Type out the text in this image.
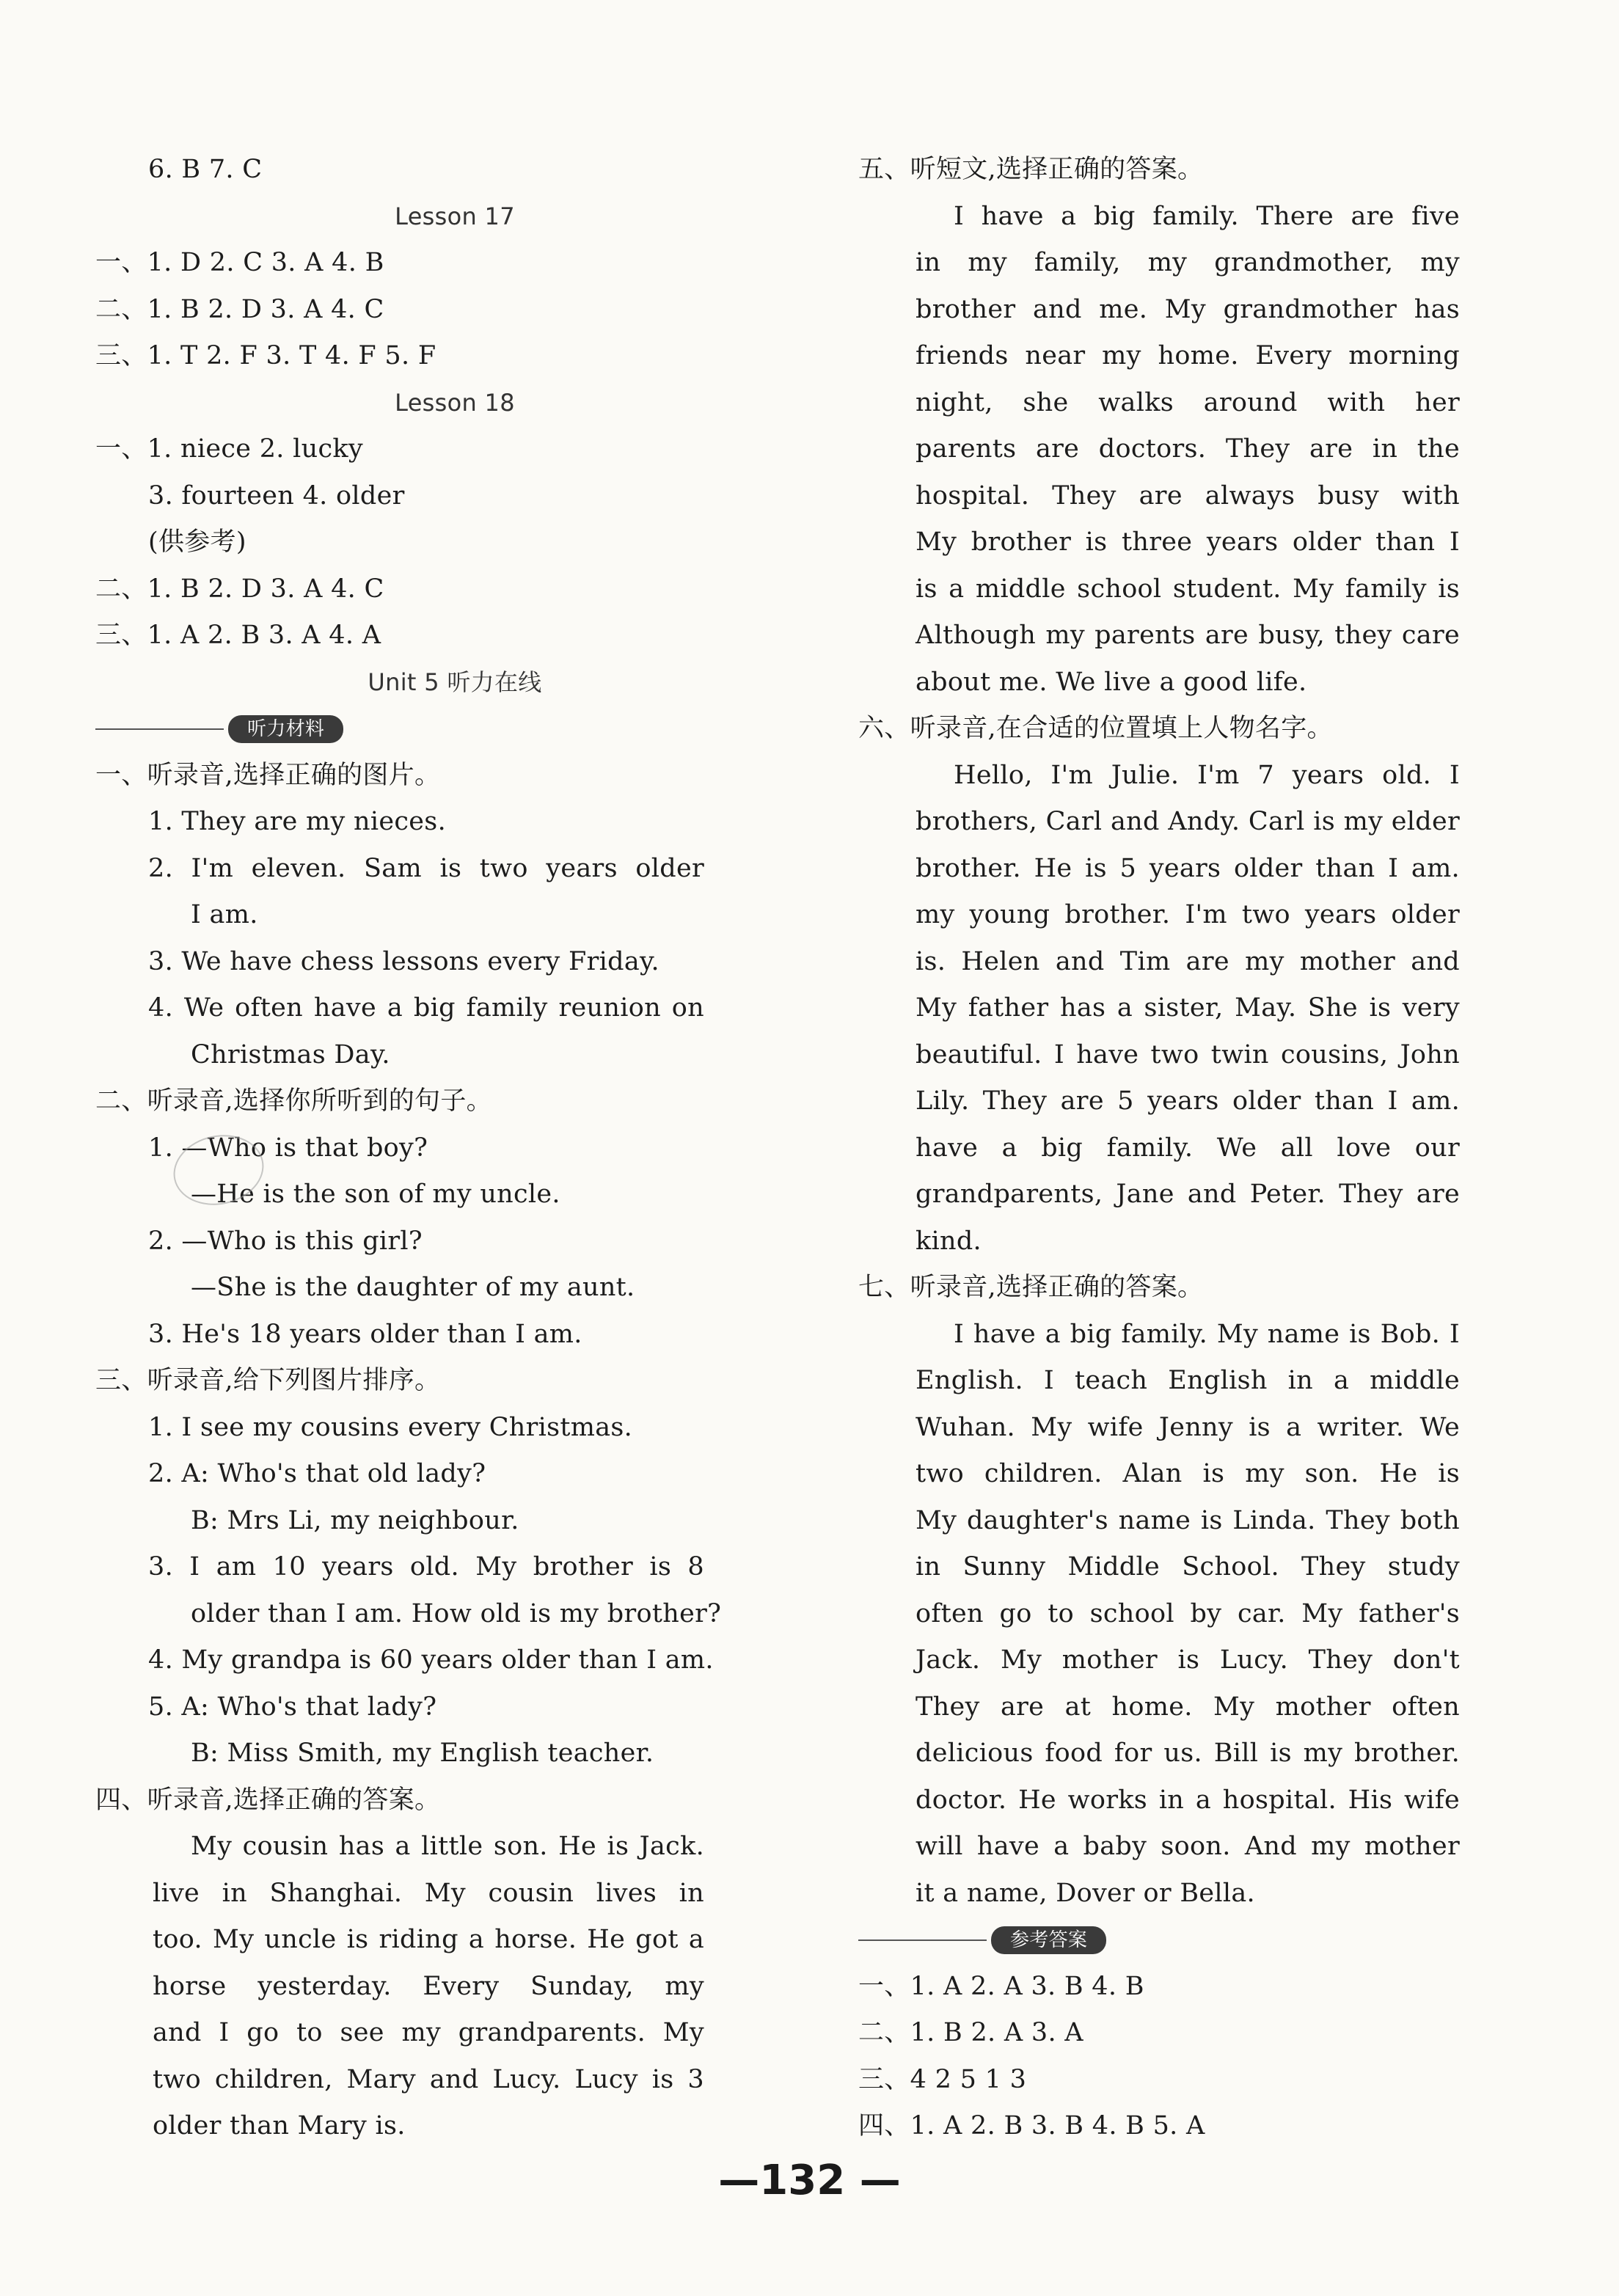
6. B 7. C
Lesson 17
一、1. D 2. C 3. A 4. B
二、1. B 2. D 3. A 4. C
三、1. T 2. F 3. T 4. F 5. F
Lesson 18
一、1. niece 2. lucky
3. fourteen 4. older
(供参考)
二、1. B 2. D 3. A 4. C
三、1. A 2. B 3. A 4. A
Unit 5 听力在线
听力材料
一、听录音,选择正确的图片。
1. They are my nieces.
2. I'm eleven. Sam is two years older
I am.
3. We have chess lessons every Friday.
4. We often have a big family reunion on
Christmas Day.
二、听录音,选择你所听到的句子。
1. —Who is that boy?
—He is the son of my uncle.
2. —Who is this girl?
—She is the daughter of my aunt.
3. He's 18 years older than I am.
三、听录音,给下列图片排序。
1. I see my cousins every Christmas.
2. A: Who's that old lady?
B: Mrs Li, my neighbour.
3. I am 10 years old. My brother is 8
older than I am. How old is my brother?
4. My grandpa is 60 years older than I am.
5. A: Who's that lady?
B: Miss Smith, my English teacher.
四、听录音,选择正确的答案。
My cousin has a little son. He is Jack.
live in Shanghai. My cousin lives in
too. My uncle is riding a horse. He got a
horse yesterday. Every Sunday, my
and I go to see my grandparents. My
two children, Mary and Lucy. Lucy is 3
older than Mary is.
五、听短文,选择正确的答案。
I have a big family. There are five
in my family, my grandmother, my
brother and me. My grandmother has
friends near my home. Every morning
night, she walks around with her
parents are doctors. They are in the
hospital. They are always busy with
My brother is three years older than I
is a middle school student. My family is
Although my parents are busy, they care
about me. We live a good life.
六、听录音,在合适的位置填上人物名字。
Hello, I'm Julie. I'm 7 years old. I
brothers, Carl and Andy. Carl is my elder
brother. He is 5 years older than I am.
my young brother. I'm two years older
is. Helen and Tim are my mother and
My father has a sister, May. She is very
beautiful. I have two twin cousins, John
Lily. They are 5 years older than I am.
have a big family. We all love our
grandparents, Jane and Peter. They are
kind.
七、听录音,选择正确的答案。
I have a big family. My name is Bob. I
English. I teach English in a middle
Wuhan. My wife Jenny is a writer. We
two children. Alan is my son. He is
My daughter's name is Linda. They both
in Sunny Middle School. They study
often go to school by car. My father's
Jack. My mother is Lucy. They don't
They are at home. My mother often
delicious food for us. Bill is my brother.
doctor. He works in a hospital. His wife
will have a baby soon. And my mother
it a name, Dover or Bella.
参考答案
一、1. A 2. A 3. B 4. B
二、1. B 2. A 3. A
三、4 2 5 1 3
四、1. A 2. B 3. B 4. B 5. A
—132 —
